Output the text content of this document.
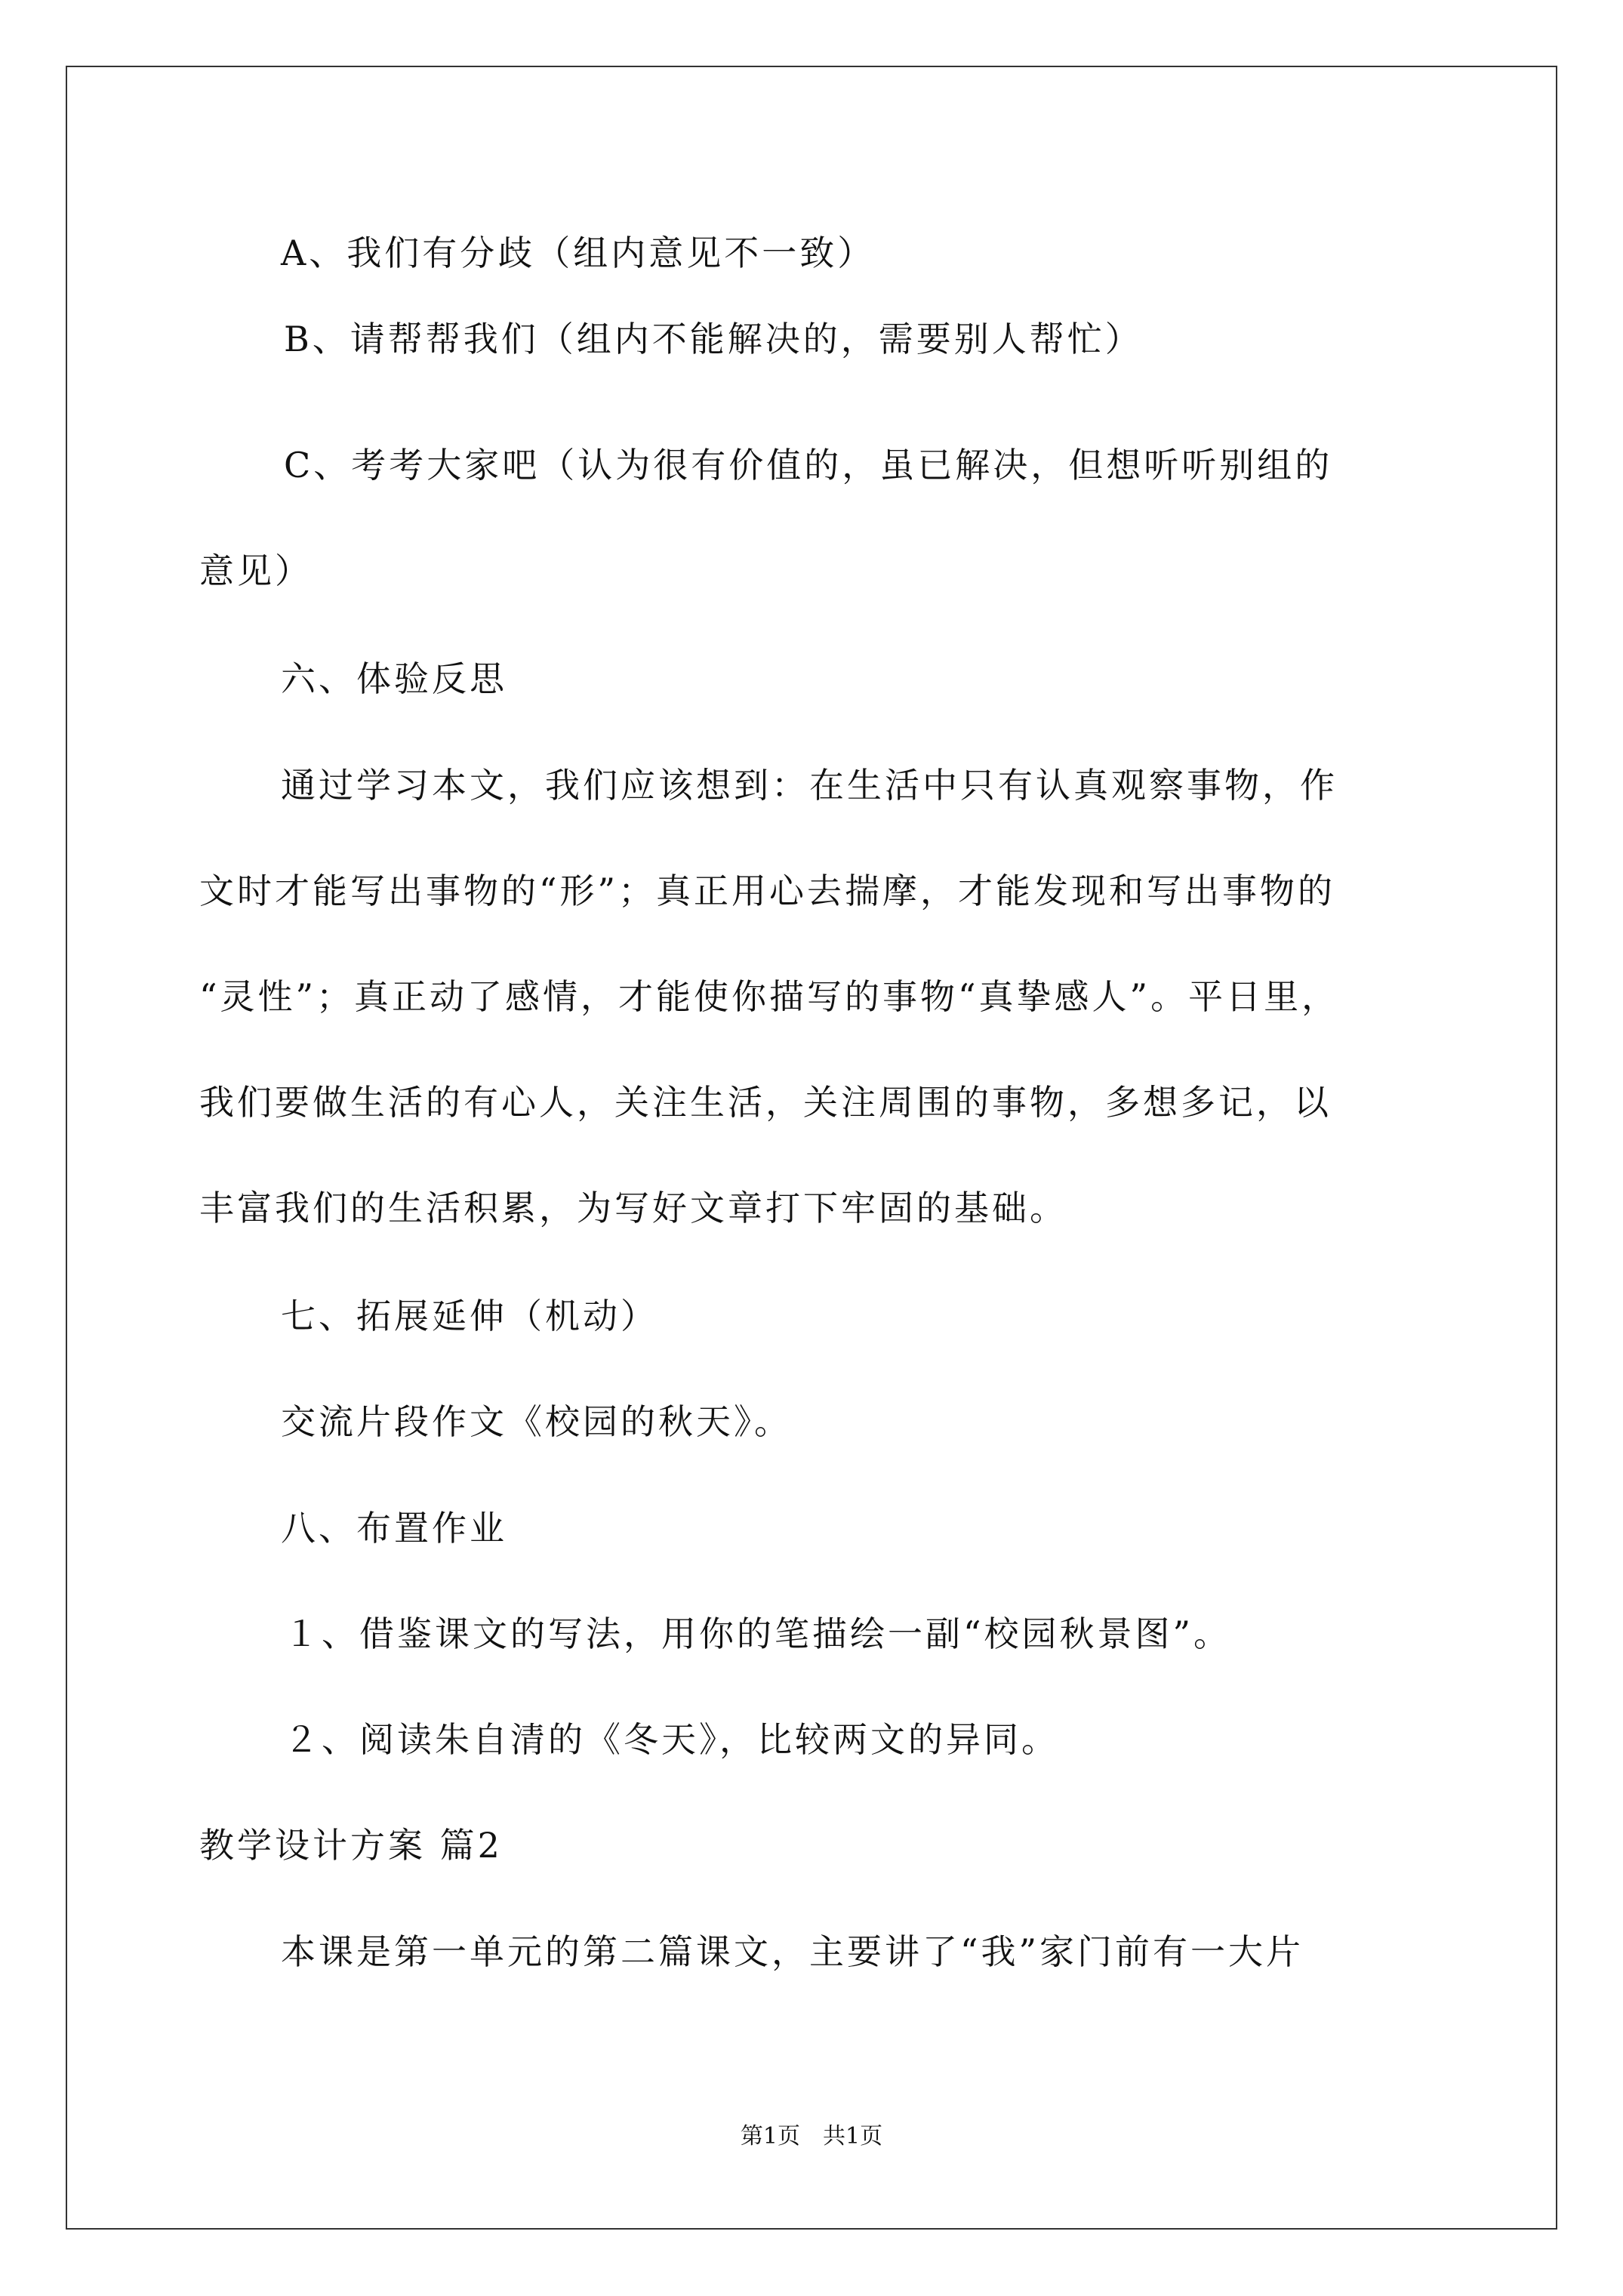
A、我们有分歧（组内意见不一致）
B、请帮帮我们（组内不能解决的，需要别人帮忙）
C、考考大家吧（认为很有价值的，虽已解决，但想听听别组的
意见）
六、体验反思
通过学习本文，我们应该想到：在生活中只有认真观察事物，作
文时才能写出事物的“形”；真正用心去揣摩，才能发现和写出事物的
“灵性”；真正动了感情，才能使你描写的事物“真挚感人”。平日里，
我们要做生活的有心人，关注生活，关注周围的事物，多想多记，以
丰富我们的生活积累，为写好文章打下牢固的基础。
七、拓展延伸（机动）
交流片段作文《校园的秋天》。
八、布置作业
１、借鉴课文的写法，用你的笔描绘一副“校园秋景图”。
２、阅读朱自清的《冬天》，比较两文的异同。
教学设计方案 篇2
本课是第一单元的第二篇课文，主要讲了“我”家门前有一大片
第1页　共1页
